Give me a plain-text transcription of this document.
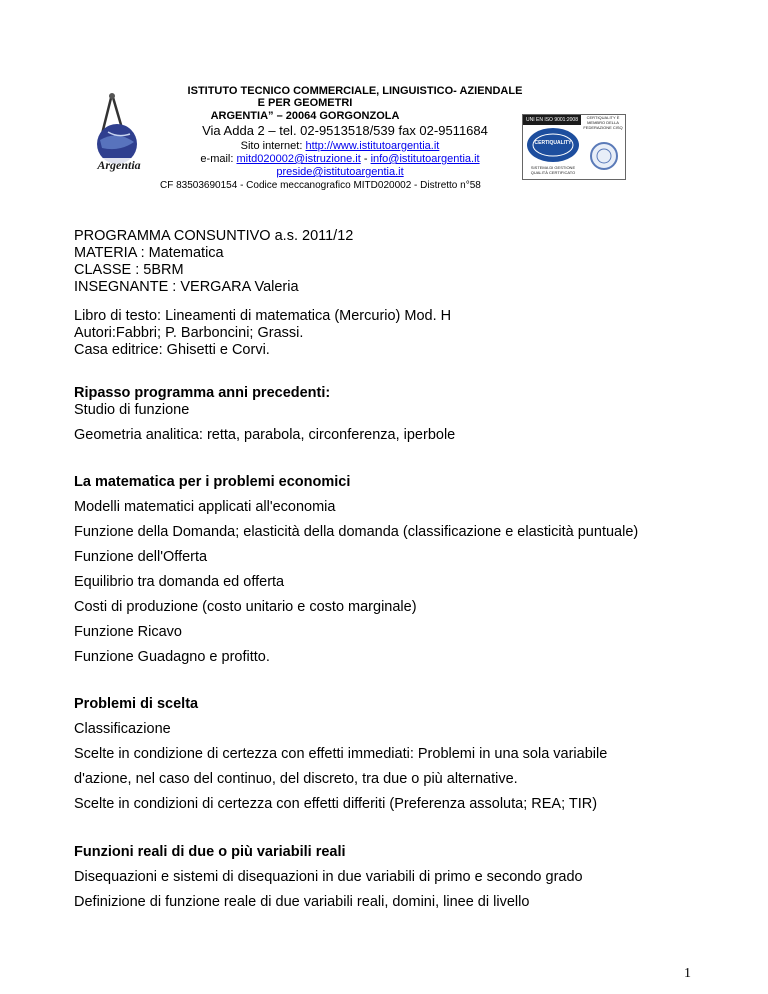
ISTITUTO TECNICO COMMERCIALE, LINGUISTICO- AZIENDALE
E PER GEOMETRI
ARGENTIA” – 20064 GORGONZOLA
Via Adda 2 – tel. 02-9513518/539 fax 02-9511684
Sito internet: http://www.istitutoargentia.it
e-mail: mitd020002@istruzione.it - info@istitutoargentia.it
preside@istitutoargentia.it
CF 83503690154 - Codice meccanografico MITD020002 - Distretto n°58
Argentia
UNI EN ISO 9001:2008	CERTIQUALITY È MEMBRO DELLA FEDERAZIONE CISQ
CERTIQUALITY
SISTEMA DI GESTIONE QUALITÀ CERTIFICATO
PROGRAMMA CONSUNTIVO a.s. 2011/12
MATERIA : Matematica
CLASSE : 5BRM
INSEGNANTE : VERGARA Valeria
Libro di testo: Lineamenti di matematica (Mercurio) Mod. H
Autori:Fabbri; P. Barboncini; Grassi.
Casa editrice: Ghisetti e Corvi.
Ripasso programma anni precedenti:
Studio di funzione
Geometria analitica: retta, parabola, circonferenza, iperbole
La matematica per i problemi economici
Modelli matematici applicati all'economia
Funzione della Domanda; elasticità della domanda (classificazione e elasticità puntuale)
Funzione dell'Offerta
Equilibrio tra domanda ed offerta
Costi di produzione (costo unitario e costo marginale)
Funzione Ricavo
Funzione Guadagno e profitto.
Problemi di scelta
Classificazione
Scelte in condizione di certezza con effetti immediati: Problemi in una sola variabile
d'azione, nel caso del continuo, del discreto, tra due o più alternative.
Scelte in condizioni di certezza con effetti differiti (Preferenza assoluta; REA; TIR)
Funzioni reali di due o più variabili reali
Disequazioni e sistemi di disequazioni in due variabili di primo e secondo grado
Definizione di funzione reale di due variabili reali, domini, linee di livello
1
